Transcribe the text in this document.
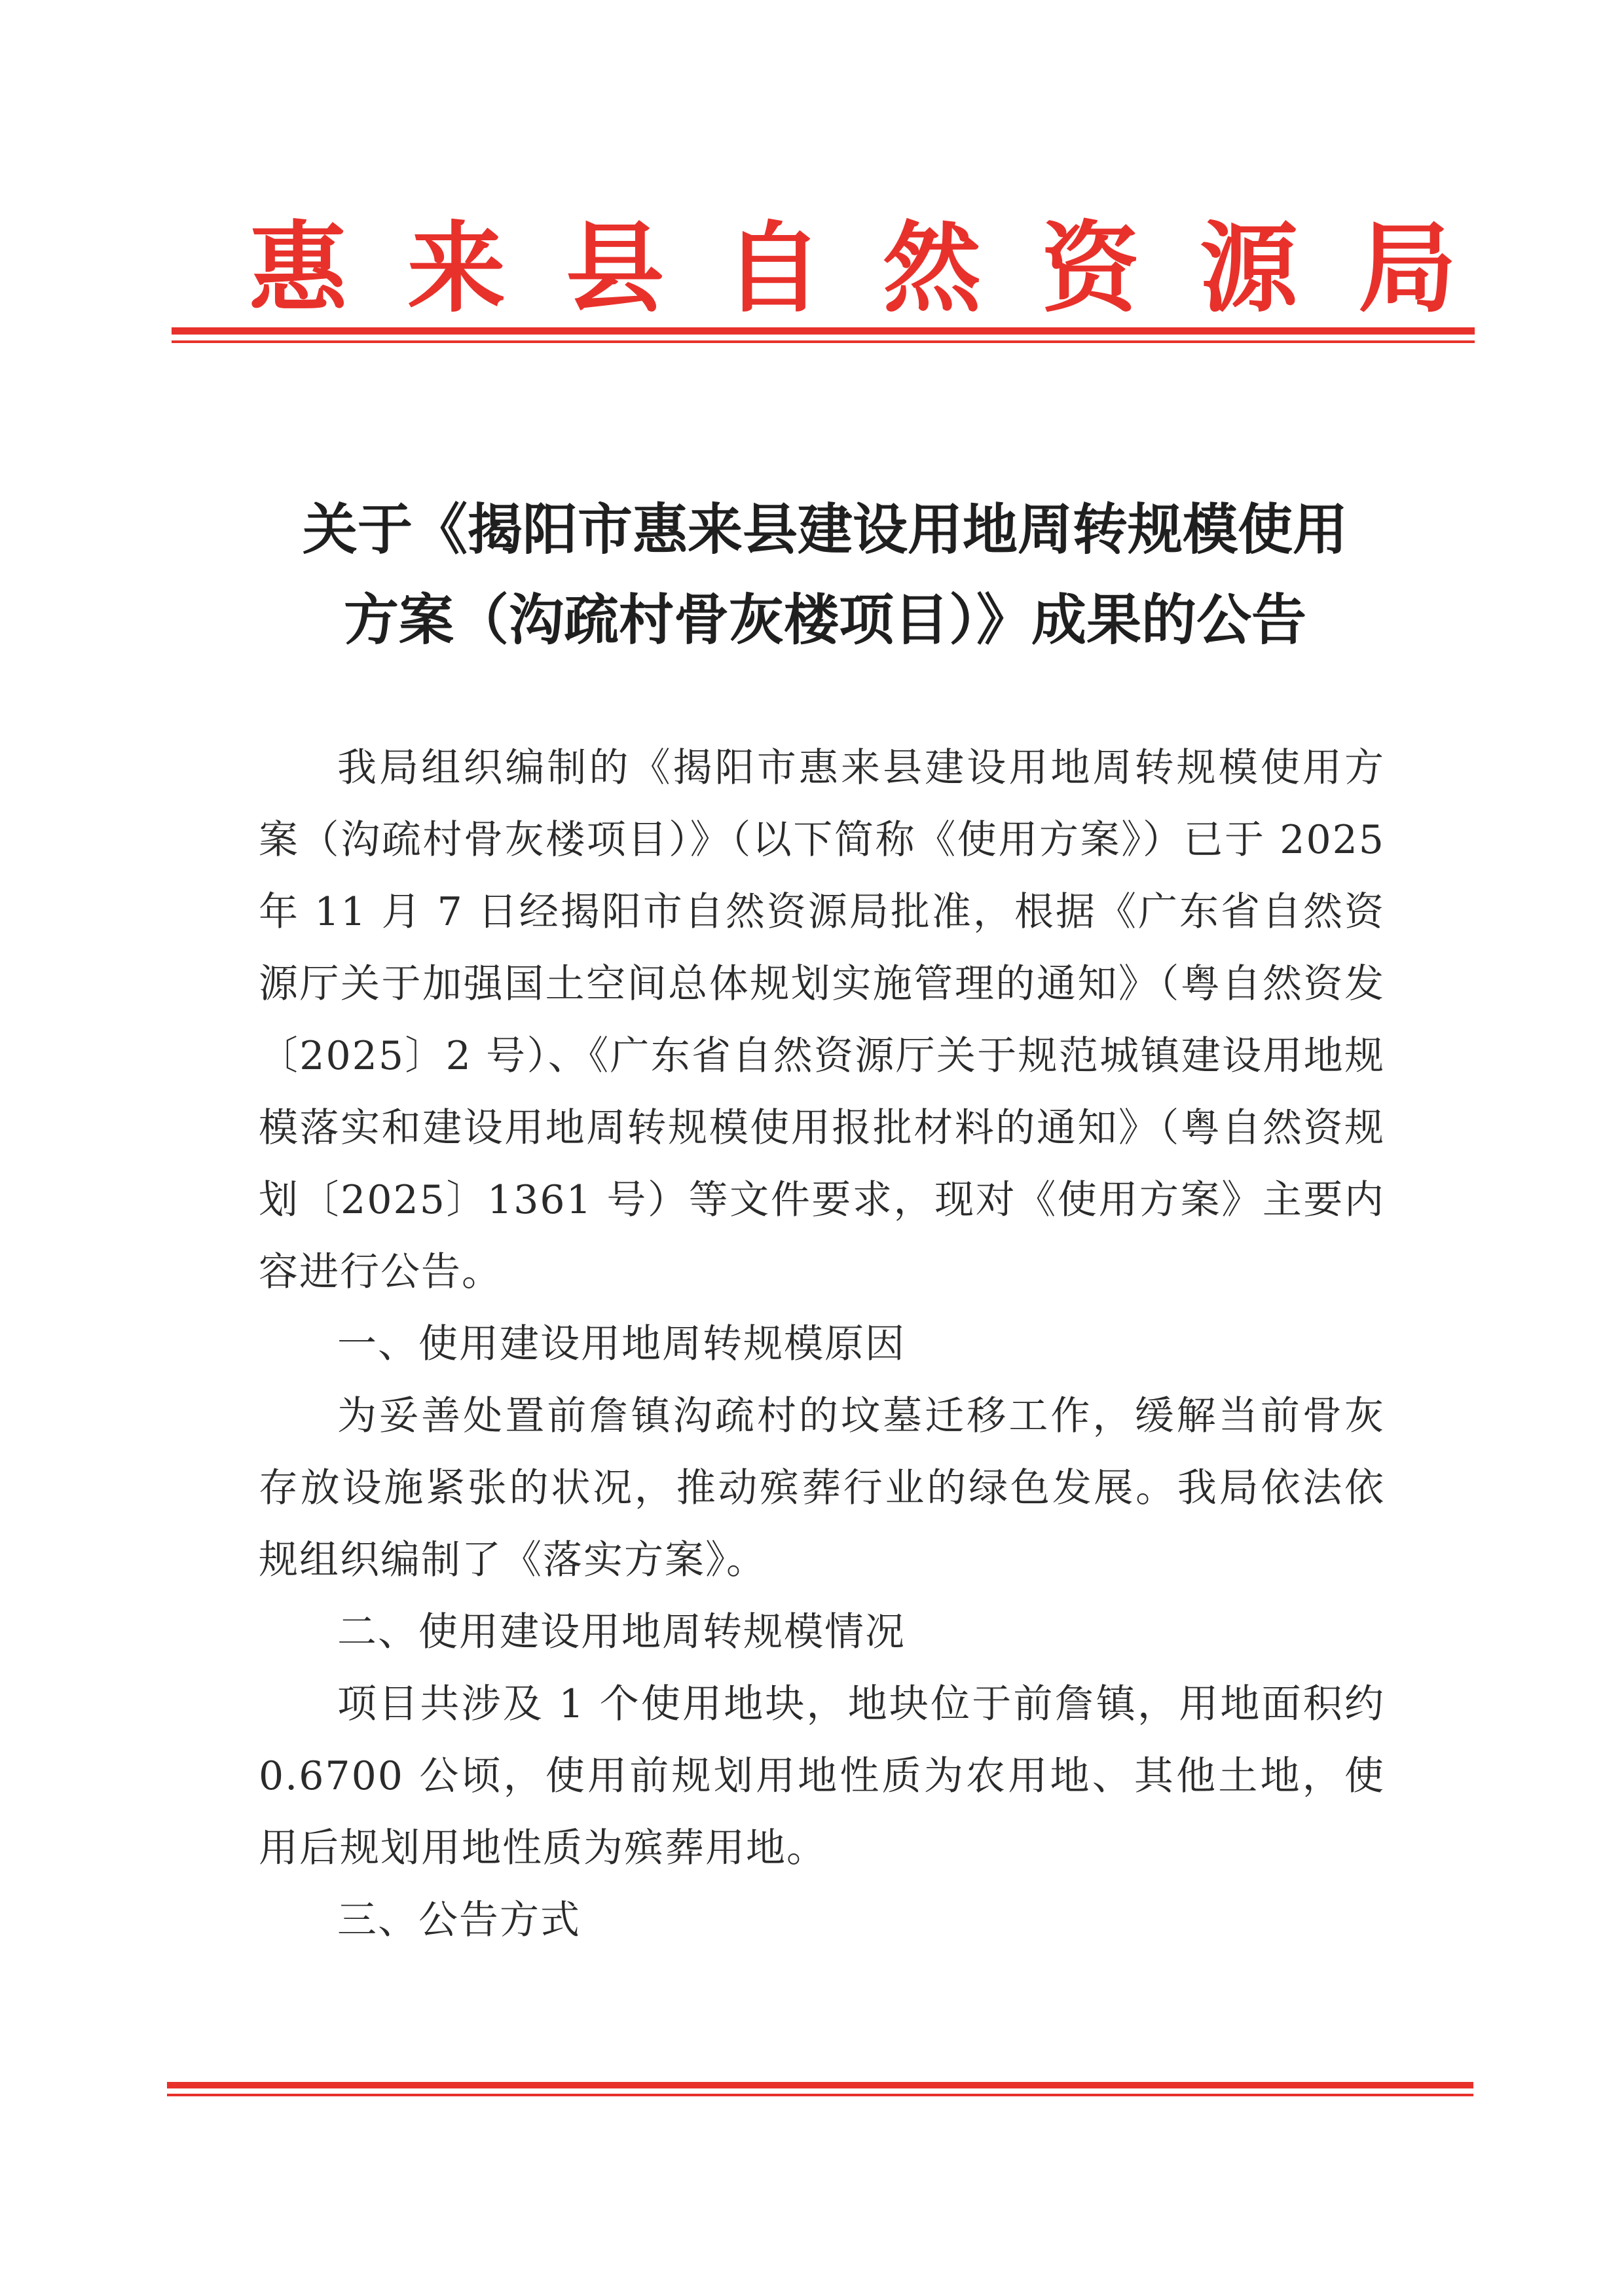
惠来县自然资源局
关于《揭阳市惠来县建设用地周转规模使用
方案（沟疏村骨灰楼项目）》成果的公告

我局组织编制的《揭阳市惠来县建设用地周转规模使用方案（沟疏村骨灰楼项目）》（以下简称《使用方案》）已于 2025 年 11 月 7 日经揭阳市自然资源局批准，根据《广东省自然资源厅关于加强国土空间总体规划实施管理的通知》（粤自然资发〔2025〕2 号）、《广东省自然资源厅关于规范城镇建设用地规模落实和建设用地周转规模使用报批材料的通知》（粤自然资规划〔2025〕1361 号）等文件要求，现对《使用方案》主要内容进行公告。

一、使用建设用地周转规模原因

为妥善处置前詹镇沟疏村的坟墓迁移工作，缓解当前骨灰存放设施紧张的状况，推动殡葬行业的绿色发展。我局依法依规组织编制了《落实方案》。

二、使用建设用地周转规模情况

项目共涉及 1 个使用地块，地块位于前詹镇，用地面积约 0.6700 公顷，使用前规划用地性质为农用地、其他土地，使用后规划用地性质为殡葬用地。

三、公告方式
